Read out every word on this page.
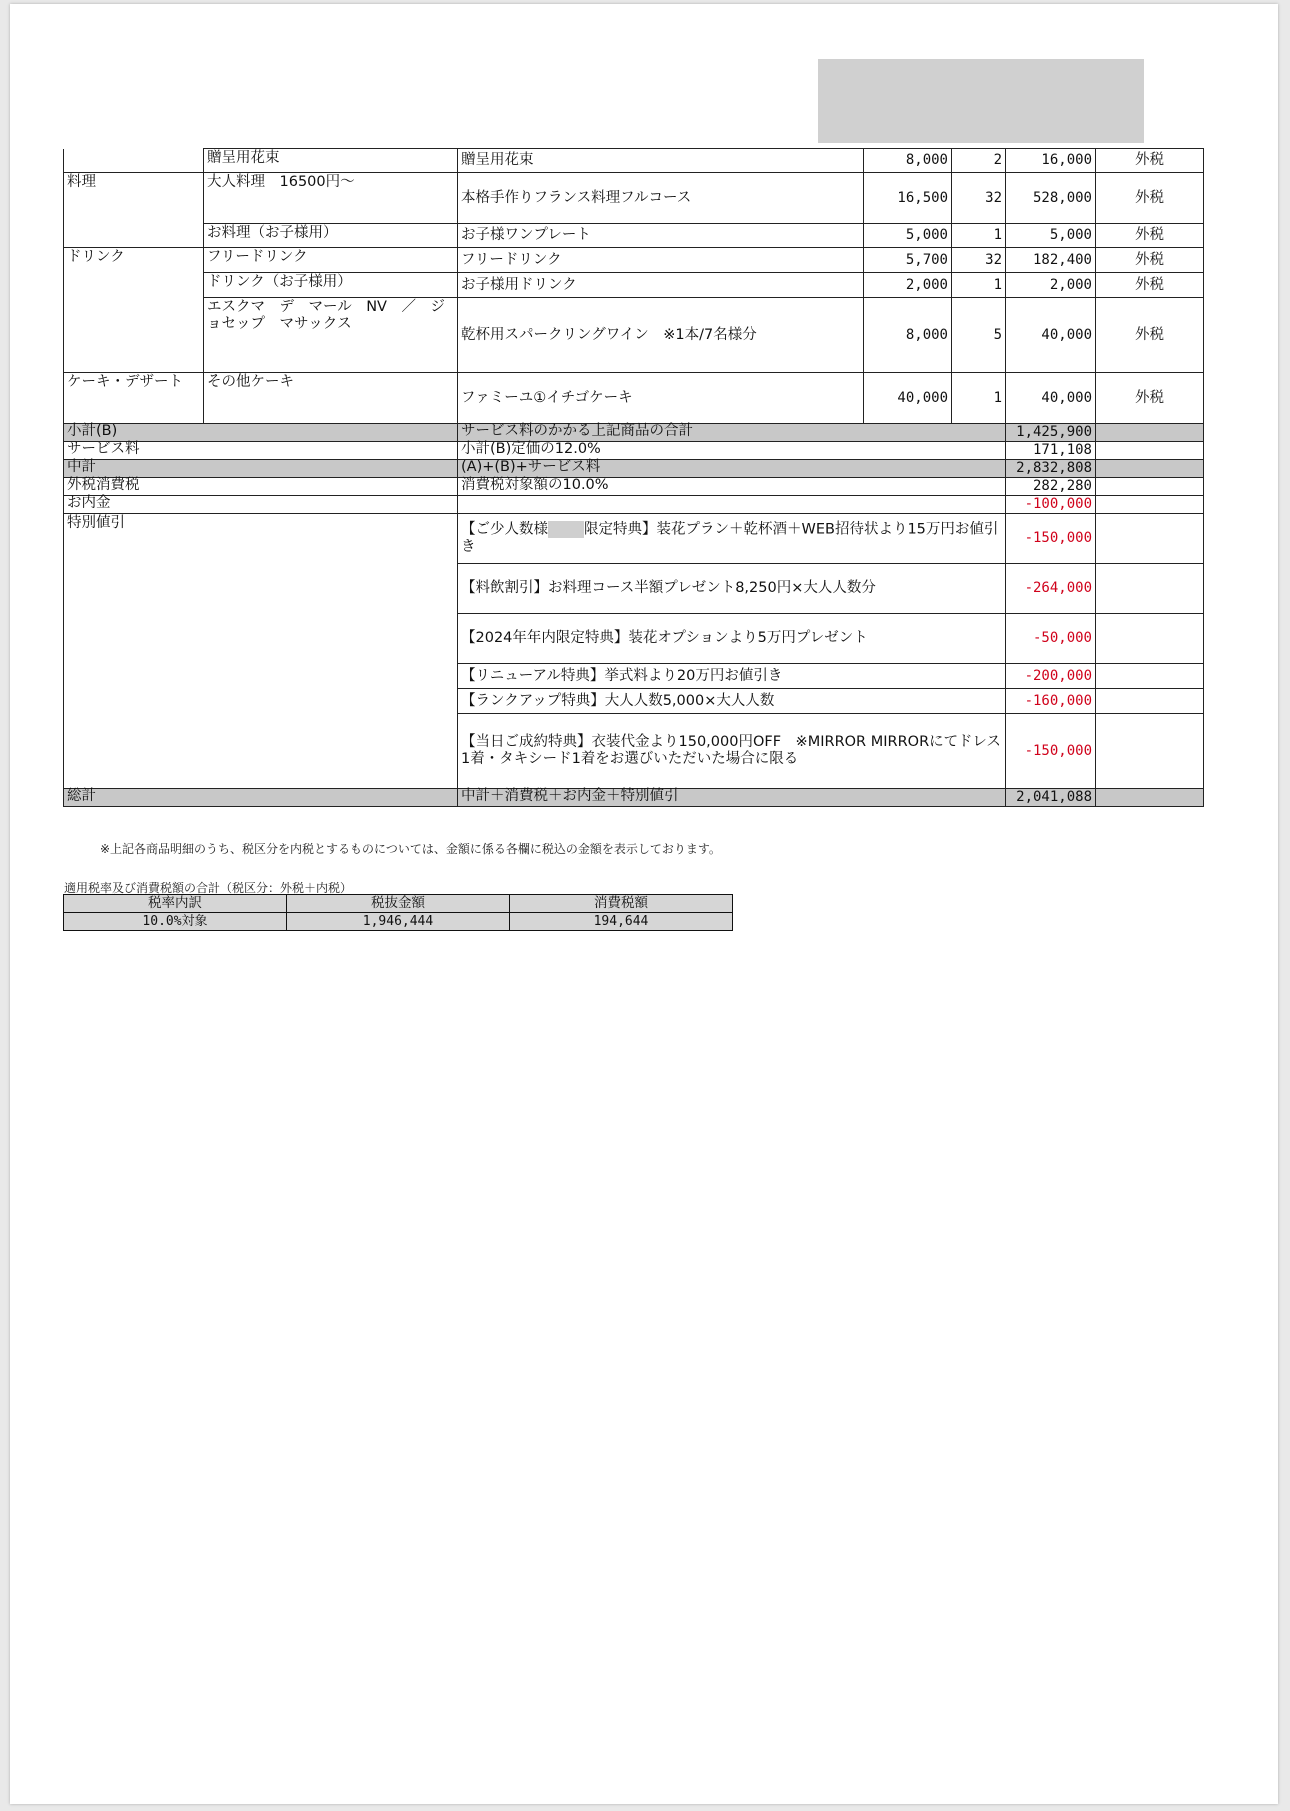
	贈呈用花束	贈呈用花束	8,000	2	16,000	外税
料理	大人料理　16500円〜	本格手作りフランス料理フルコース	16,500	32	528,000	外税
	お料理（お子様用）	お子様ワンプレート	5,000	1	5,000	外税
ドリンク	フリードリンク	フリードリンク	5,700	32	182,400	外税
	ドリンク（お子様用）	お子様用ドリンク	2,000	1	2,000	外税
	エスクマ　デ　マール　NV　／　ジョセップ　マサックス	乾杯用スパークリングワイン　※1本/7名様分	8,000	5	40,000	外税
ケーキ・デザート	その他ケーキ	ファミーユ①イチゴケーキ	40,000	1	40,000	外税
小計(B)		サービス料のかかる上記商品の合計			1,425,900	
サービス料		小計(B)定価の12.0%			171,108	
中計		(A)+(B)+サービス料			2,832,808	
外税消費税		消費税対象額の10.0%			282,280	
お内金					-100,000	
特別値引		【ご少人数様 限定特典】装花プラン＋乾杯酒＋WEB招待状より15万円お値引き			-150,000	
		【料飲割引】お料理コース半額プレゼント8,250円×大人人数分			-264,000	
		【2024年年内限定特典】装花オプションより5万円プレゼント			-50,000	
		【リニューアル特典】挙式料より20万円お値引き			-200,000	
		【ランクアップ特典】大人人数5,000×大人人数			-160,000	
		【当日ご成約特典】衣装代金より150,000円OFF　※MIRROR MIRRORにてドレス1着・タキシード1着をお選びいただいた場合に限る			-150,000	
総計		中計＋消費税＋お内金＋特別値引			2,041,088	
※上記各商品明細のうち、税区分を内税とするものについては、金額に係る各欄に税込の金額を表示しております。
適用税率及び消費税額の合計（税区分：外税＋内税）
税率内訳	税抜金額	消費税額
10.0%対象	1,946,444	194,644
